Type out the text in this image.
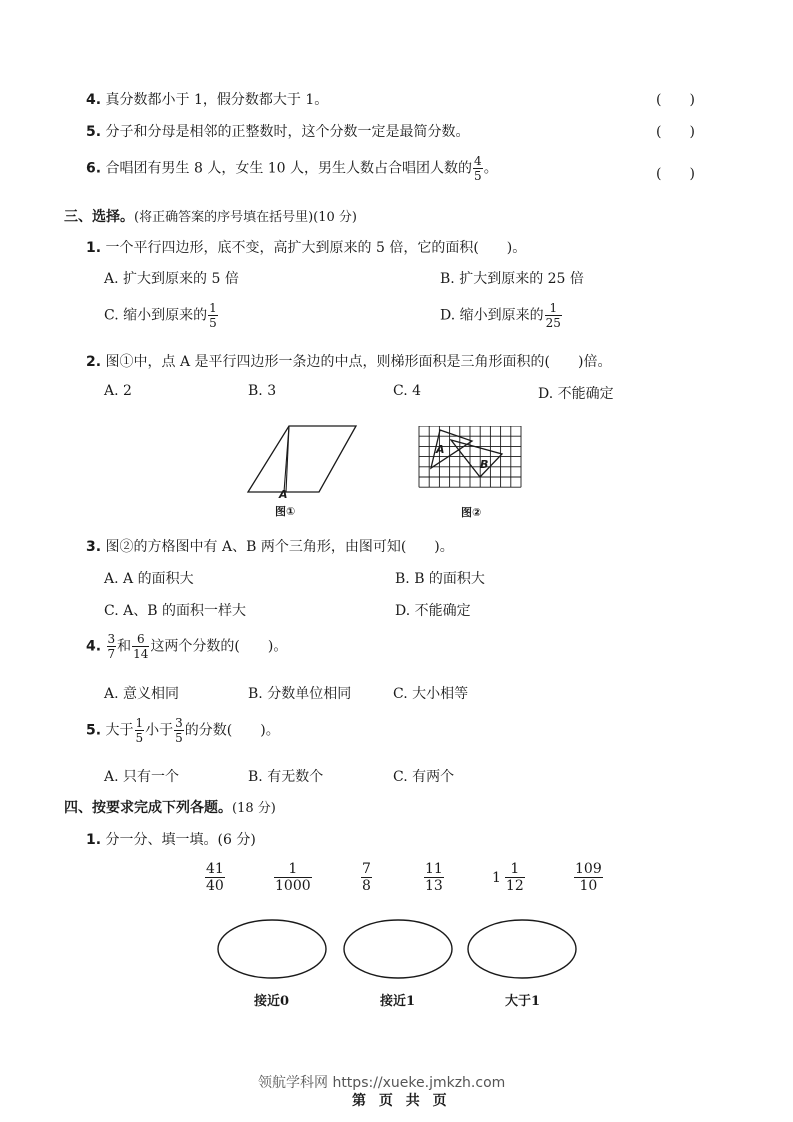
4. 真分数都小于 1，假分数都大于 1。	(　　)
5. 分子和分母是相邻的正整数时，这个分数一定是最简分数。	(　　)
6. 合唱团有男生 8 人，女生 10 人，男生人数占合唱团人数的 $\frac{4}{5}$ 。	(　　)
三、选择。(将正确答案的序号填在括号里)(10 分)
1. 一个平行四边形，底不变，高扩大到原来的 5 倍，它的面积(　　)。
A. 扩大到原来的 5 倍	B. 扩大到原来的 25 倍
C. 缩小到原来的 $\frac{1}{5}$	D. 缩小到原来的 $\frac{1}{25}$
2. 图①中，点 A 是平行四边形一条边的中点，则梯形面积是三角形面积的(　　)倍。
A. 2	B. 3	C. 4	D. 不能确定
A
图①
A
B
图②
3. 图②的方格图中有 A、B 两个三角形，由图可知(　　)。
A. A 的面积大	B. B 的面积大
C. A、B 的面积一样大	D. 不能确定
4. $\frac{3}{7}$ 和 $\frac{6}{14}$ 这两个分数的(　　)。
A. 意义相同	B. 分数单位相同	C. 大小相等
5. 大于 $\frac{1}{5}$ 小于 $\frac{3}{5}$ 的分数(　　)。
A. 只有一个	B. 有无数个	C. 有两个
四、按要求完成下列各题。(18 分)
1. 分一分、填一填。(6 分)
$\frac{41}{40}$	$\frac{1}{1000}$	$\frac{7}{8}$	$\frac{11}{13}$	$1 \frac{1}{12}$	$\frac{109}{10}$
接近0	接近1	大于1
领航学科网 https://xueke.jmkzh.com
第 页 共 页
